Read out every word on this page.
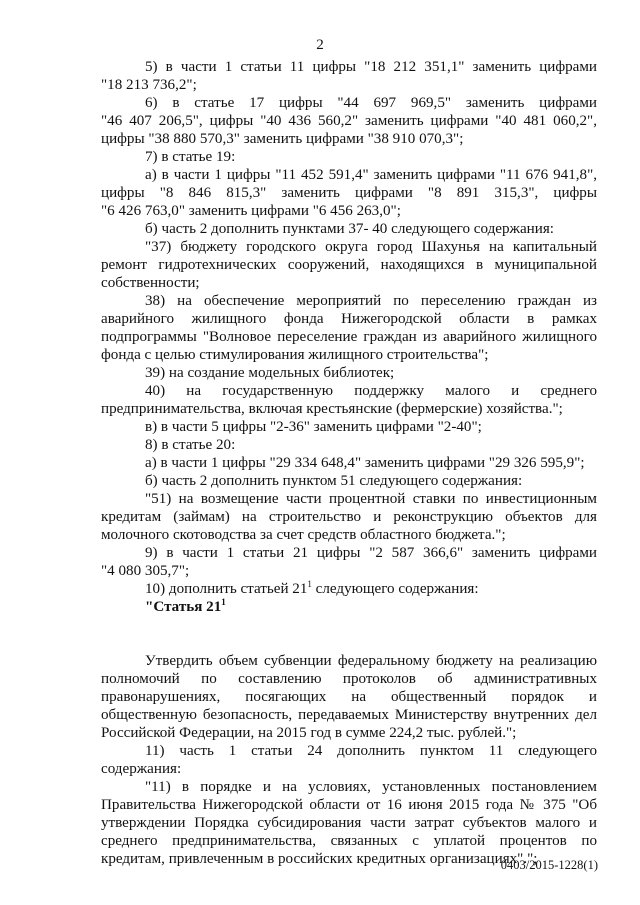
2
5) в части 1 статьи 11 цифры "18 212 351,1" заменить цифрами
"18 213 736,2";
6) в статье 17 цифры "44 697 969,5" заменить цифрами
"46 407 206,5", цифры "40 436 560,2" заменить цифрами "40 481 060,2",
цифры "38 880 570,3" заменить цифрами "38 910 070,3";
7) в статье 19:
а) в части 1 цифры "11 452 591,4" заменить цифрами "11 676 941,8",
цифры "8 846 815,3" заменить цифрами "8 891 315,3", цифры
"6 426 763,0" заменить цифрами "6 456 263,0";
б) часть 2 дополнить пунктами 37- 40 следующего содержания:
"37) бюджету городского округа город Шахунья на капитальный
ремонт гидротехнических сооружений, находящихся в муниципальной
собственности;
38) на обеспечение мероприятий по переселению граждан из
аварийного жилищного фонда Нижегородской области в рамках
подпрограммы "Волновое переселение граждан из аварийного жилищного
фонда с целью стимулирования жилищного строительства";
39) на создание модельных библиотек;
40) на государственную поддержку малого и среднего
предпринимательства, включая крестьянские (фермерские) хозяйства.";
в) в части 5 цифры "2-36" заменить цифрами "2-40";
8) в статье 20:
а) в части 1 цифры "29 334 648,4" заменить цифрами "29 326 595,9";
б) часть 2 дополнить пунктом 51 следующего содержания:
"51) на возмещение части процентной ставки по инвестиционным
кредитам (займам) на строительство и реконструкцию объектов для
молочного скотоводства за счет средств областного бюджета.";
9) в части 1 статьи 21 цифры "2 587 366,6" заменить цифрами
"4 080 305,7";
10) дополнить статьей $21^1$ следующего содержания:
"Статья $21^1$
Утвердить объем субвенции федеральному бюджету на реализацию
полномочий по составлению протоколов об административных
правонарушениях, посягающих на общественный порядок и
общественную безопасность, передаваемых Министерству внутренних дел
Российской Федерации, на 2015 год в сумме 224,2 тыс. рублей.";
11) часть 1 статьи 24 дополнить пунктом 11 следующего
содержания:
"11) в порядке и на условиях, установленных постановлением
Правительства Нижегородской области от 16 июня 2015 года № 375 "Об
утверждении Порядка субсидирования части затрат субъектов малого и
среднего предпринимательства, связанных с уплатой процентов по
кредитам, привлеченным в российских кредитных организациях".";
0403/2015-1228(1)
